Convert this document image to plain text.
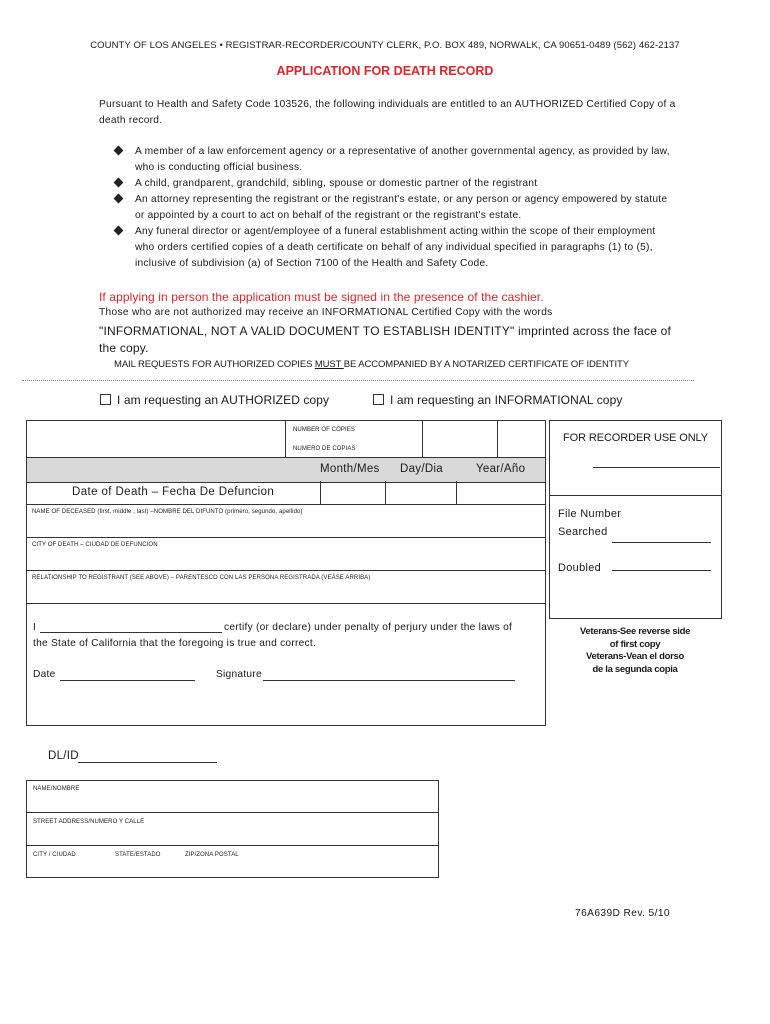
COUNTY OF LOS ANGELES • REGISTRAR-RECORDER/COUNTY CLERK, P.O. BOX 489, NORWALK, CA 90651-0489 (562) 462-2137
APPLICATION FOR DEATH RECORD
Pursuant to Health and Safety Code 103526, the following individuals are entitled to an AUTHORIZED Certified Copy of a death record.
A member of a law enforcement agency or a representative of another governmental agency, as provided by law, who is conducting official business.
A child, grandparent, grandchild, sibling, spouse or domestic partner of the registrant
An attorney representing the registrant or the registrant's estate, or any person or agency empowered by statute or appointed by a court to act on behalf of the registrant or the registrant's estate.
Any funeral director or agent/employee of a funeral establishment acting within the scope of their employment who orders certified copies of a death certificate on behalf of any individual specified in paragraphs (1) to (5), inclusive of subdivision (a) of Section 7100 of the Health and Safety Code.
If applying in person the application must be signed in the presence of the cashier.
Those who are not authorized may receive an INFORMATIONAL Certified Copy with the words
"INFORMATIONAL, NOT A VALID DOCUMENT TO ESTABLISH IDENTITY" imprinted across the face of the copy.
MAIL REQUESTS FOR AUTHORIZED COPIES MUST BE ACCOMPANIED BY A NOTARIZED CERTIFICATE OF IDENTITY
I am requesting an AUTHORIZED copy	I am requesting an INFORMATIONAL copy
NUMBER OF COPIES
NUMERO DE COPIAS
Month/Mes Day/Dia	Year/Año
Date of Death – Fecha De Defuncion
NAME OF DECEASED (first, middle , last) –NOMBRE DEL DIFUNTO (primero, segundo, apellido)
CITY OF DEATH – CIUDAD DE DEFUNCION
RELATIONSHIP TO REGISTRANT (SEE ABOVE) – PARENTESCO CON LAS PERSONA REGISTRADA (VEÁSE ARRIBA)
I	certify (or declare) under penalty of perjury under the laws of
the State of California that the foregoing is true and correct.
Date	Signature
FOR RECORDER USE ONLY
File Number
Searched
Doubled
Veterans-See reverse side
of first copy
Veterans-Vean el dorso
de la segunda copia
DL/ID
NAME/NOMBRE
STREET ADDRESS/NUMERO Y CALLE
CITY / CIUDAD	STATE/ESTADO	ZIP/ZONA POSTAL
76A639D Rev. 5/10
